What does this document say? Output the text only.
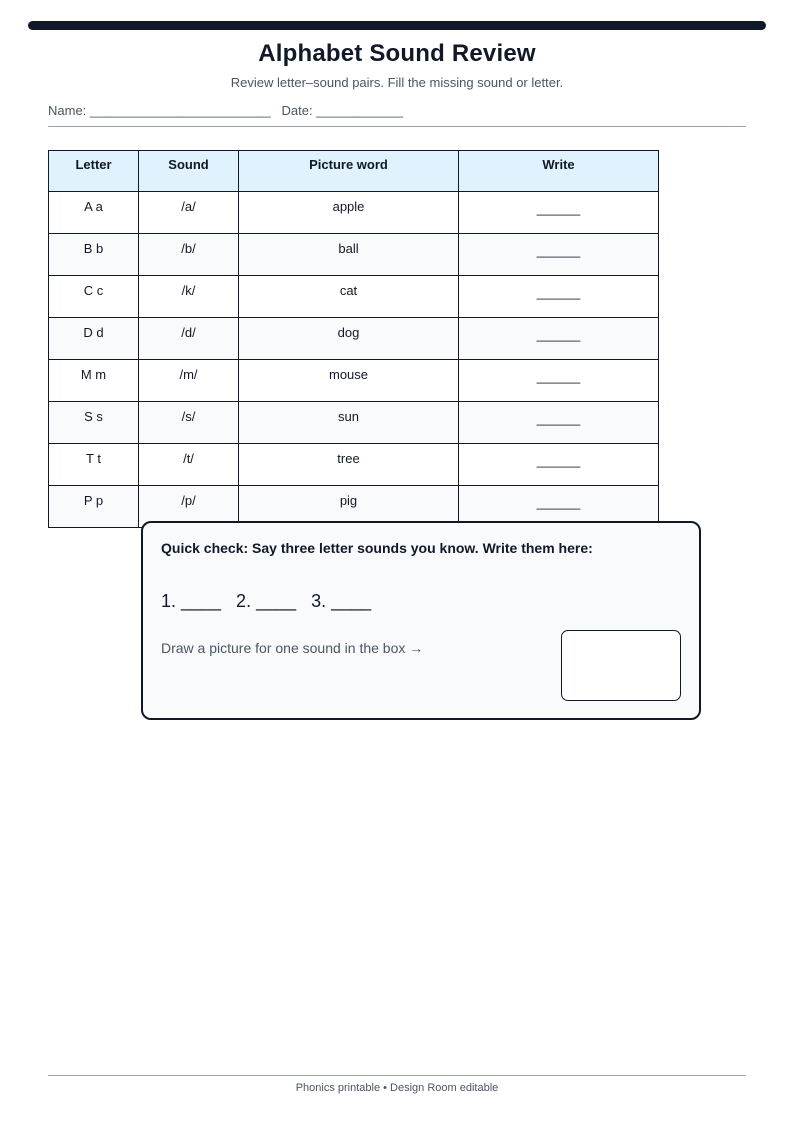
Alphabet Sound Review
Review letter–sound pairs. Fill the missing sound or letter.
Name: _________________________ Date: ____________
Letter	Sound	Picture word	Write
A a	/a/	apple	______
B b	/b/	ball	______
C c	/k/	cat	______
D d	/d/	dog	______
M m	/m/	mouse	______
S s	/s/	sun	______
T t	/t/	tree	______
P p	/p/	pig	______
Quick check: Say three letter sounds you know. Write them here:
1. ____   2. ____   3. ____
Draw a picture for one sound in the box →
Phonics printable • Design Room editable
